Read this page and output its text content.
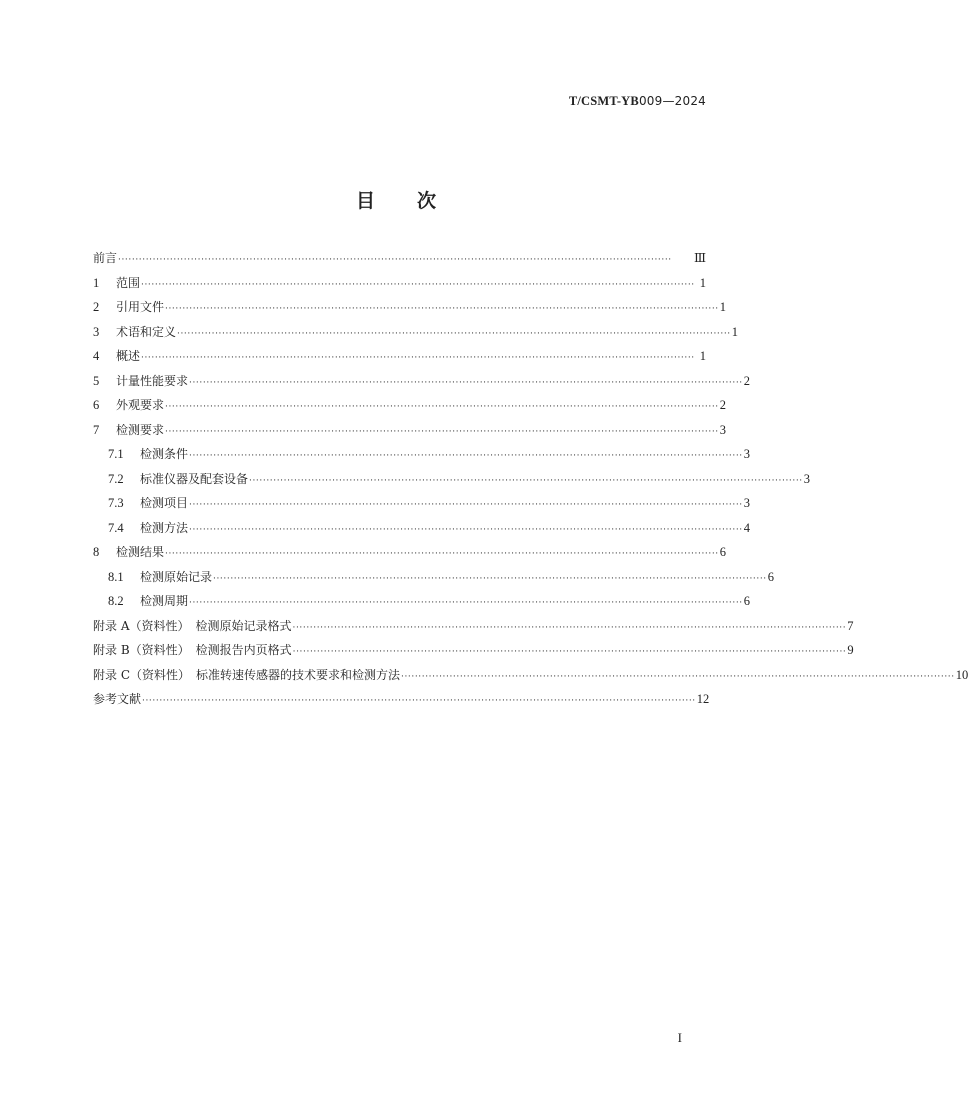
T/CSMT-YB009—2024
目次
前言 ································································································································································	Ⅲ
1	范围 ································································································································································ 1
2	引用文件 ································································································································································ 1
3	术语和定义 ································································································································································ 1
4	概述 ································································································································································ 1
5	计量性能要求 ································································································································································ 2
6	外观要求 ································································································································································ 2
7	检测要求 ································································································································································ 3
7.1	检测条件 ································································································································································ 3
7.2	标准仪器及配套设备 ································································································································································ 3
7.3	检测项目 ································································································································································ 3
7.4	检测方法 ································································································································································ 4
8	检测结果 ································································································································································ 6
8.1	检测原始记录 ································································································································································ 6
8.2	检测周期 ································································································································································ 6
附录 A（资料性）　检测原始记录格式 ································································································································································ 7
附录 B（资料性）　检测报告内页格式 ································································································································································ 9
附录 C（资料性）　标准转速传感器的技术要求和检测方法 ································································································································································ 10
参考文献 ································································································································································ 12
I
